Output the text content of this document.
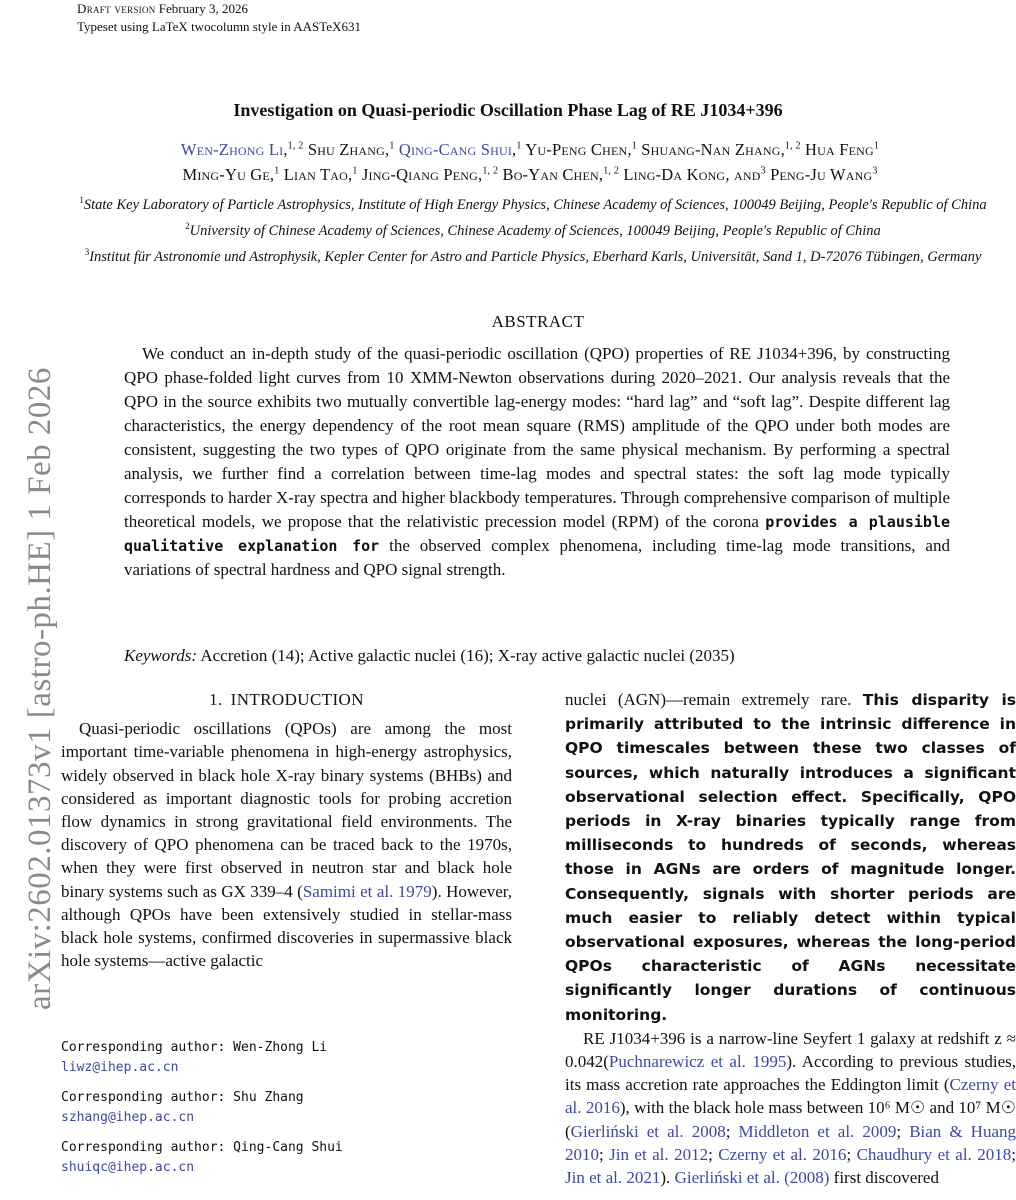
Draft version February 3, 2026
Typeset using LaTeX twocolumn style in AASTeX631
arXiv:2602.01373v1 [astro-ph.HE] 1 Feb 2026
Investigation on Quasi-periodic Oscillation Phase Lag of RE J1034+396
Wen-Zhong Li,$^{1, 2}$ Shu Zhang,$^1$ Qing-Cang Shui,$^1$ Yu-Peng Chen,$^1$ Shuang-Nan Zhang,$^{1, 2}$ Hua Feng$^1$
Ming-Yu Ge,$^1$ Lian Tao,$^1$ Jing-Qiang Peng,$^{1, 2}$ Bo-Yan Chen,$^{1, 2}$ Ling-Da Kong, and$^3$ Peng-Ju Wang$^3$
$^1$State Key Laboratory of Particle Astrophysics, Institute of High Energy Physics, Chinese Academy of Sciences, 100049 Beijing, People's Republic of China
$^2$University of Chinese Academy of Sciences, Chinese Academy of Sciences, 100049 Beijing, People's Republic of China
$^3$Institut für Astronomie und Astrophysik, Kepler Center for Astro and Particle Physics, Eberhard Karls, Universität, Sand 1, D-72076 Tübingen, Germany
ABSTRACT
We conduct an in-depth study of the quasi-periodic oscillation (QPO) properties of RE J1034+396, by constructing QPO phase-folded light curves from 10 XMM-Newton observations during 2020–2021. Our analysis reveals that the QPO in the source exhibits two mutually convertible lag-energy modes: “hard lag” and “soft lag”. Despite different lag characteristics, the energy dependency of the root mean square (RMS) amplitude of the QPO under both modes are consistent, suggesting the two types of QPO originate from the same physical mechanism. By performing a spectral analysis, we further find a correlation between time-lag modes and spectral states: the soft lag mode typically corresponds to harder X-ray spectra and higher blackbody temperatures. Through comprehensive comparison of multiple theoretical models, we propose that the relativistic precession model (RPM) of the corona provides a plausible qualitative explanation for the observed complex phenomena, including time-lag mode transitions, and variations of spectral hardness and QPO signal strength.
Keywords: Accretion (14); Active galactic nuclei (16); X-ray active galactic nuclei (2035)
1. INTRODUCTION

Quasi-periodic oscillations (QPOs) are among the most important time-variable phenomena in high-energy astrophysics, widely observed in black hole X-ray binary systems (BHBs) and considered as important diagnostic tools for probing accretion flow dynamics in strong gravitational field environments. The discovery of QPO phenomena can be traced back to the 1970s, when they were first observed in neutron star and black hole binary systems such as GX 339–4 (Samimi et al. 1979). However, although QPOs have been extensively studied in stellar-mass black hole systems, confirmed discoveries in supermassive black hole systems—active galactic

Corresponding author: Wen-Zhong Li
liwz@ihep.ac.cn
Corresponding author: Shu Zhang
szhang@ihep.ac.cn
Corresponding author: Qing-Cang Shui
shuiqc@ihep.ac.cn

nuclei (AGN)—remain extremely rare. This disparity is primarily attributed to the intrinsic difference in QPO timescales between these two classes of sources, which naturally introduces a significant observational selection effect. Specifically, QPO periods in X-ray binaries typically range from milliseconds to hundreds of seconds, whereas those in AGNs are orders of magnitude longer. Consequently, signals with shorter periods are much easier to reliably detect within typical observational exposures, whereas the long-period QPOs characteristic of AGNs necessitate significantly longer durations of continuous monitoring.

RE J1034+396 is a narrow-line Seyfert 1 galaxy at redshift z ≈ 0.042(Puchnarewicz et al. 1995). According to previous studies, its mass accretion rate approaches the Eddington limit (Czerny et al. 2016), with the black hole mass between 10⁶ M☉ and 10⁷ M☉ (Gierliński et al. 2008; Middleton et al. 2009; Bian & Huang 2010; Jin et al. 2012; Czerny et al. 2016; Chaudhury et al. 2018; Jin et al. 2021). Gierliński et al. (2008) first discovered
